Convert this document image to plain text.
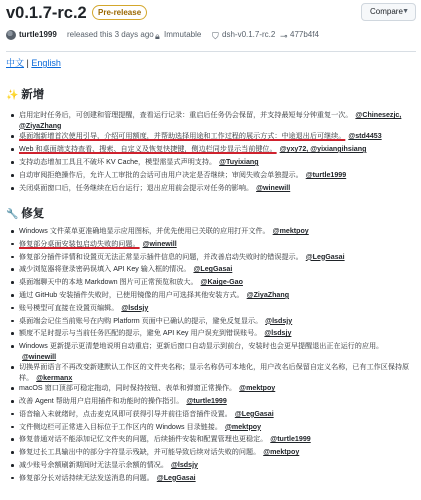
v0.1.7-rc.2	Pre-release	Compare ▼
turtle1999 released this 3 days ago 🔒︎ Immutable ⛉ dsh-v0.1.7-rc.2 ⊸ 477b4f4
中文 | English
✨ 新增
启用定时任务后，可创建和管理提醒，查看运行记录：重启后任务仍会保留，并支持最短每分钟重复一次。 @Chinesezjc, @ZiyaZhang
桌面端新增首次使用引导，介绍可用额度，并帮助选择用途和工作过程的展示方式：中途退出后可继续。 @std4453
Web 和桌面端支持查看、搜索、自定义及恢复快捷键，侧边栏同步显示当前键位。 @yxy72, @yixiangihsiang
支持动态增加工具且不破坏 KV Cache，模型需显式声明支持。 @Tuyixiang
自动审阅拒绝操作后，允许人工审批的会话可由用户决定是否继续；审阅失败会单独提示。 @turtle1999
关闭桌面窗口后，任务继续在后台运行；退出应用前会提示对任务的影响。 @winewill
🔧 修复
Windows 文件菜单更准确地显示应用图标，并优先使用已关联的应用打开文件。 @mektpoy
修复部分桌面安装包启动失败的问题。 @winewill
修复部分插件详情和设置页无法正常显示插件信息的问题，并改善启动失败时的错误提示。 @LegGasai
减少浏览器将登录密码误填入 API Key 输入框的情况。 @LegGasai
桌面端聊天中的本地 Markdown 图片可正常预览和放大。 @Kaige-Gao
通过 GitHub 安装插件失败时，已使用镜像的用户可选择其他安装方式。 @ZiyaZhang
账号模型可直接在设置页编辑。 @lsdsjy
桌面端会记住当前账号在内购 Platform 页面中已确认的提示，避免反复显示。 @lsdsjy
额度不足时提示与当前任务匹配的提示，避免 API Key 用户误充到错误账号。 @lsdsjy
Windows 更新提示更清楚地说明自动重启；更新后窗口自动显示到前台，安装时也会更早提醒退出正在运行的应用。@winewill
切换界面语言不再改变新建默认工作区的文件夹名称；显示名称仍可本地化，用户改名后保留自定义名称，已有工作区保持原样。 @kermanx
macOS 窗口顶部可稳定拖动，同时保持按钮、表单和弹窗正常操作。 @mektpoy
改善 Agent 帮助用户启用插件和功能时的操作指引。 @turtle1999
语音输入未就绪时，点击麦克风即可获得引导并前往语音插件设置。 @LegGasai
文件侧边栏可正常进入目标位于工作区内的 Windows 目录链接。 @mektpoy
修复普通对话不能添加记忆文件夹的问题，后续插件安装和配置管理也更稳定。 @turtle1999
修复过长工具输出中的部分字符显示残缺，并可能导致后续对话失败的问题。 @mektpoy
减少账号余额刷新期间时无法显示余额的情况。 @lsdsjy
修复部分长对话持续无法发送消息的问题。 @LegGasai
